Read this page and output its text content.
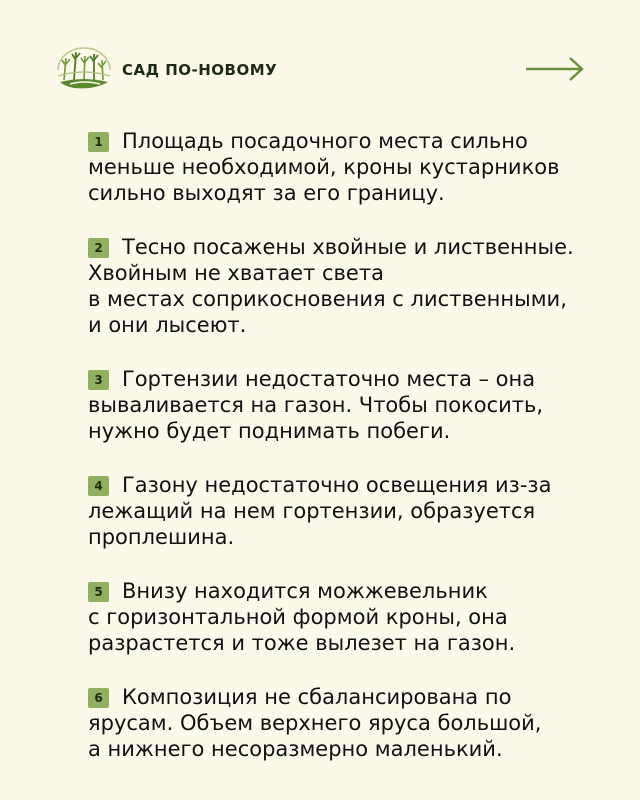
САД ПО-НОВОМУ

1 Площадь посадочного места сильно
меньше необходимой, кроны кустарников
сильно выходят за его границу.

2 Тесно посажены хвойные и лиственные.
Хвойным не хватает света
в местах соприкосновения с лиственными,
и они лысеют.

3 Гортензии недостаточно места – она
вываливается на газон. Чтобы покосить,
нужно будет поднимать побеги.

4 Газону недостаточно освещения из-за
лежащий на нем гортензии, образуется
проплешина.

5 Внизу находится можжевельник
с горизонтальной формой кроны, она
разрастется и тоже вылезет на газон.

6 Композиция не сбалансирована по
ярусам. Объем верхнего яруса большой,
а нижнего несоразмерно маленький.
